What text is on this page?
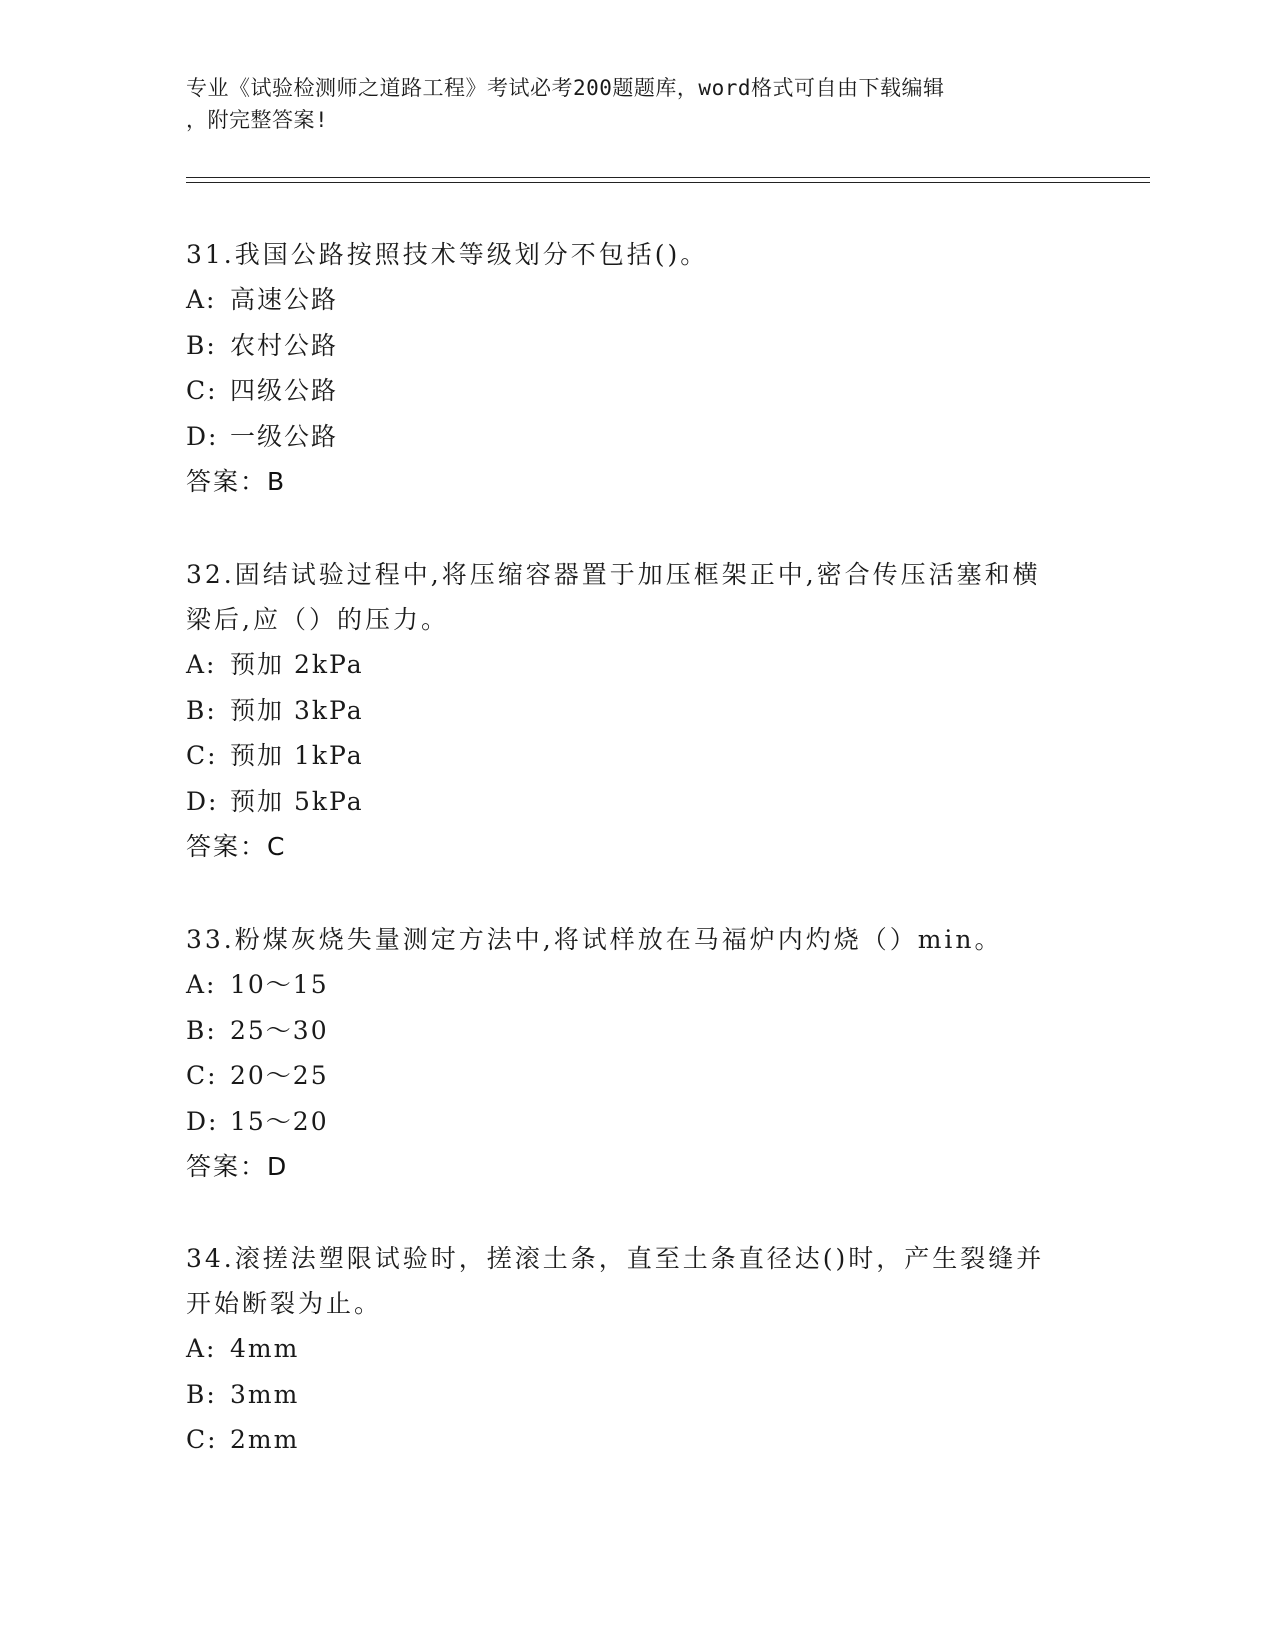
专业《试验检测师之道路工程》考试必考200题题库，word格式可自由下载编辑
，附完整答案!
31.我国公路按照技术等级划分不包括()。
A: 高速公路
B: 农村公路
C: 四级公路
D: 一级公路
答案：B
32.固结试验过程中,将压缩容器置于加压框架正中,密合传压活塞和横
梁后,应（）的压力。
A: 预加 2kPa
B: 预加 3kPa
C: 预加 1kPa
D: 预加 5kPa
答案：C
33.粉煤灰烧失量测定方法中,将试样放在马福炉内灼烧（）min。
A: 10～15
B: 25～30
C: 20～25
D: 15～20
答案：D
34.滚搓法塑限试验时，搓滚土条，直至土条直径达()时，产生裂缝并
开始断裂为止。
A: 4mm
B: 3mm
C: 2mm
